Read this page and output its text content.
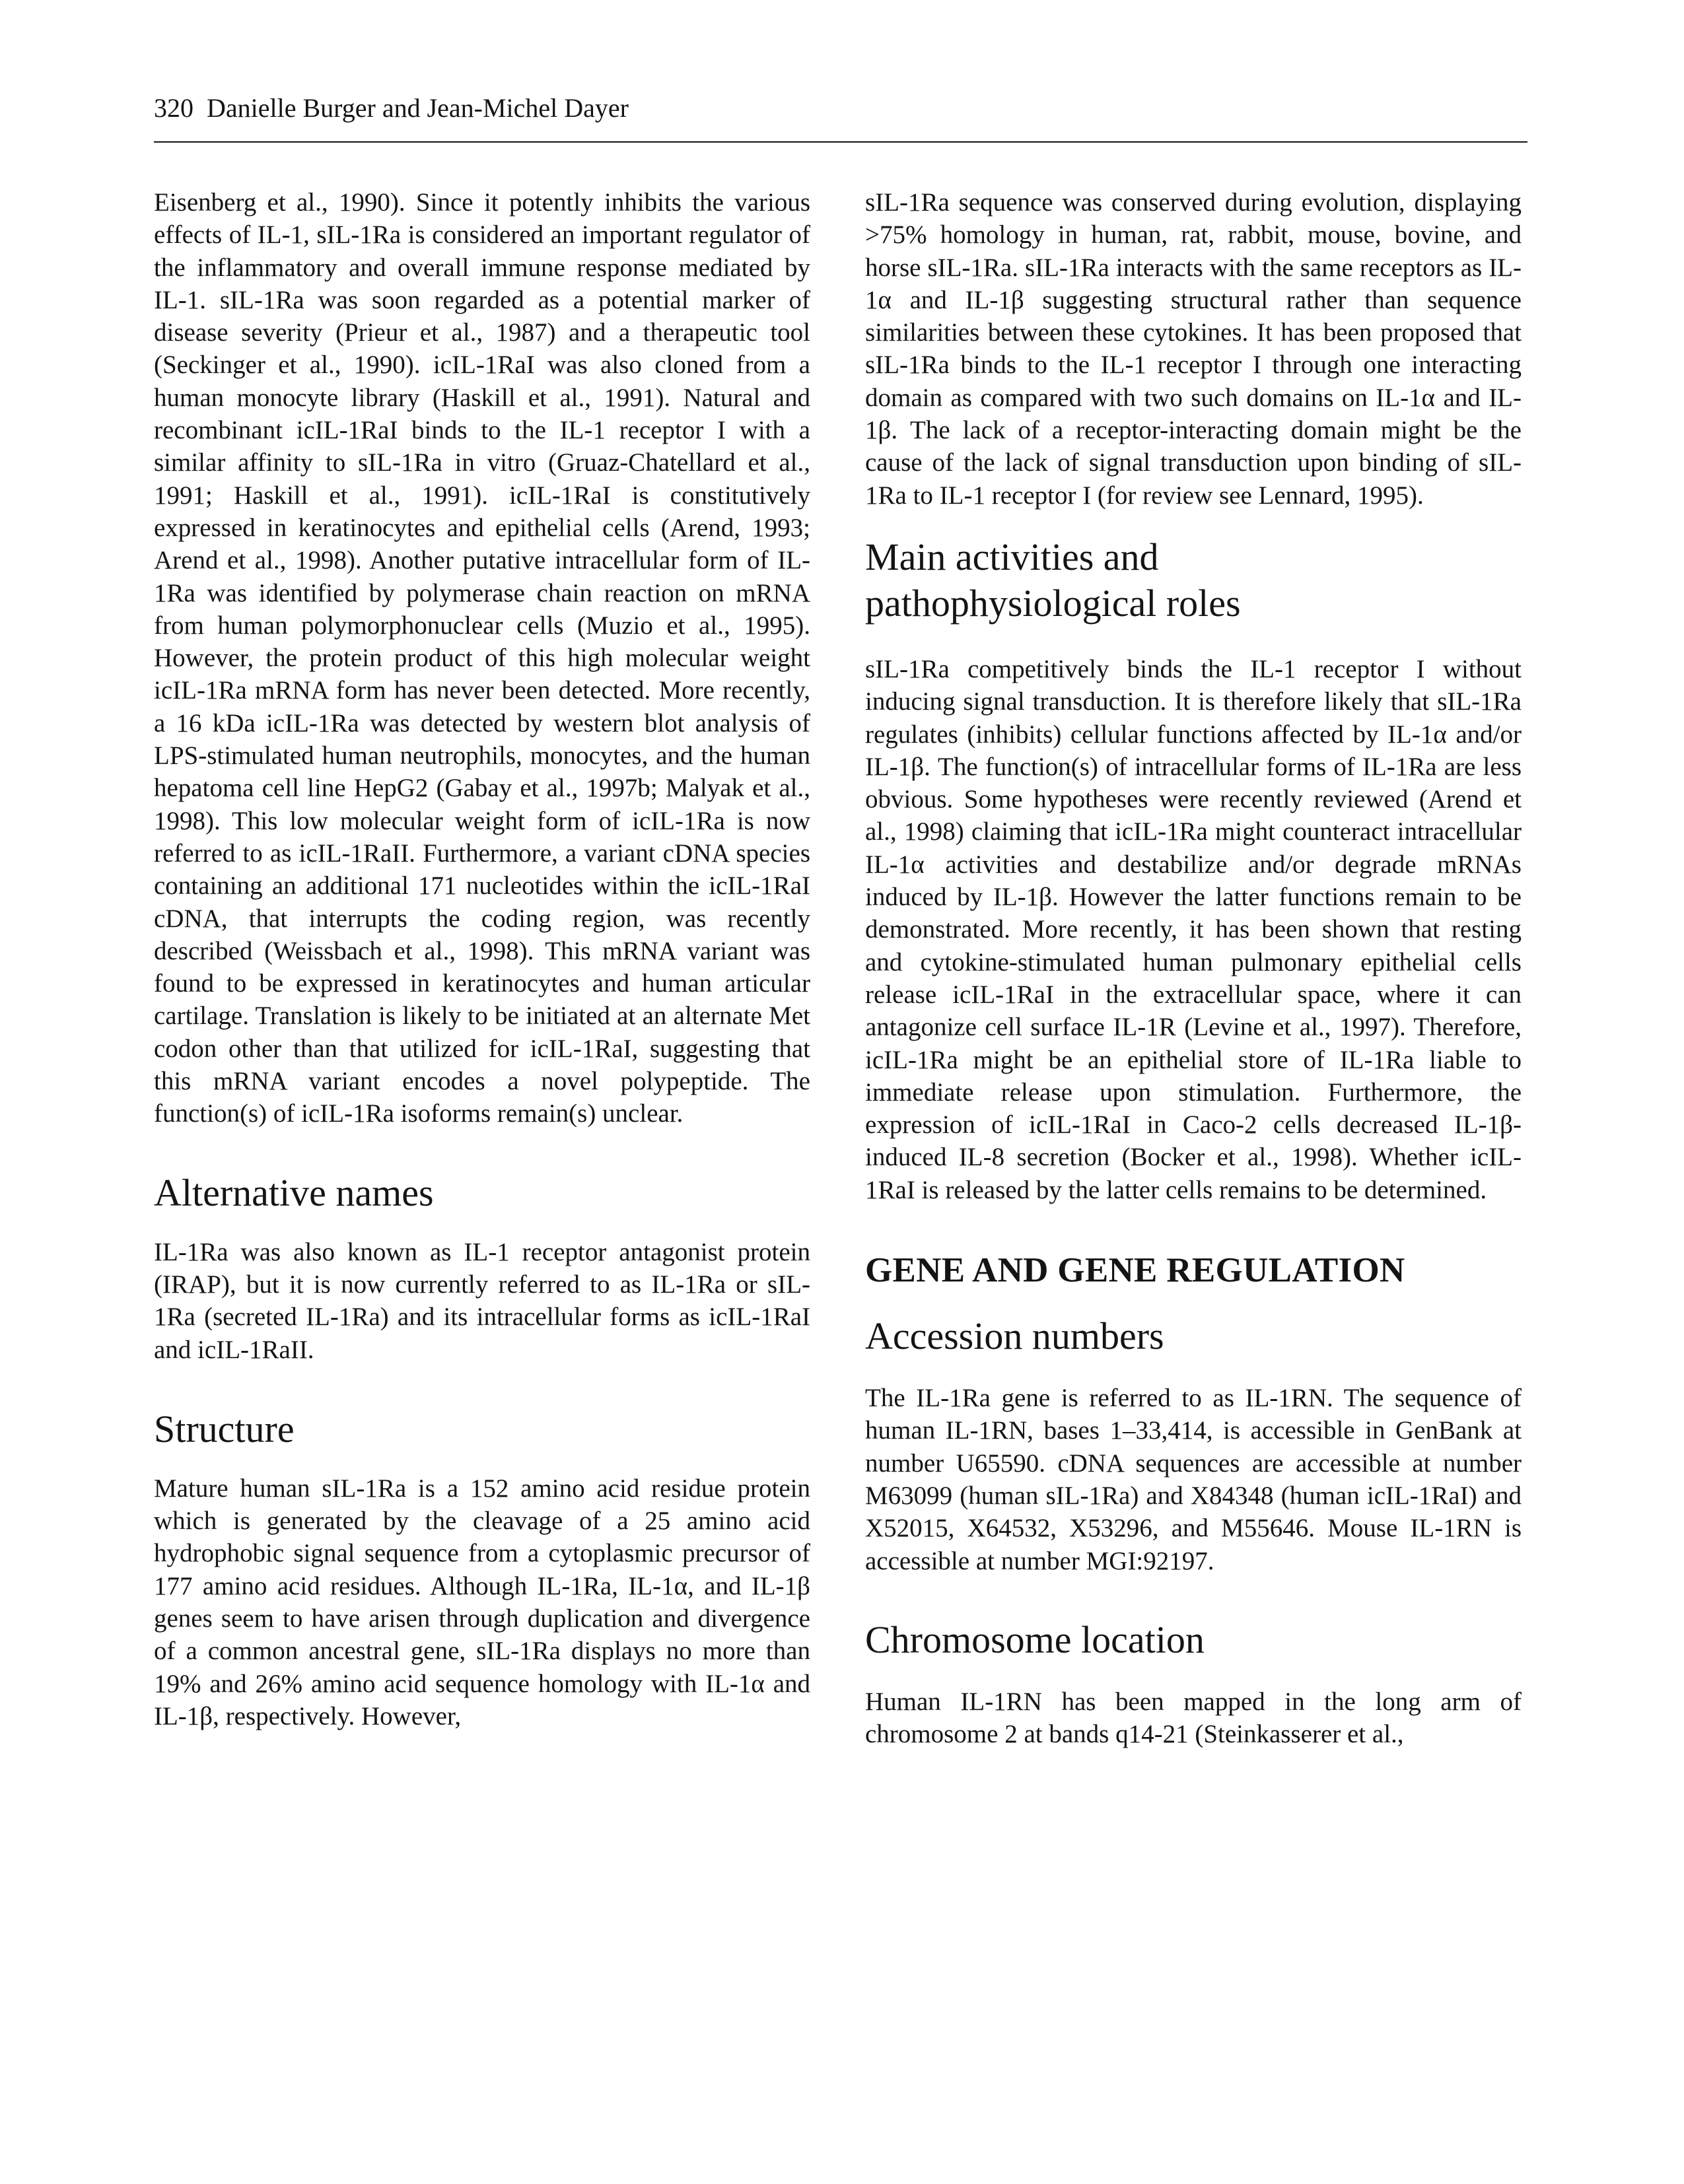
320 Danielle Burger and Jean-Michel Dayer

Eisenberg et al., 1990). Since it potently inhibits the various effects of IL-1, sIL-1Ra is considered an important regulator of the inflammatory and overall immune response mediated by IL-1. sIL-1Ra was soon regarded as a potential marker of disease severity (Prieur et al., 1987) and a therapeutic tool (Seckinger et al., 1990). icIL-1RaI was also cloned from a human monocyte library (Haskill et al., 1991). Natural and recombinant icIL-1RaI binds to the IL-1 receptor I with a similar affinity to sIL-1Ra in vitro (Gruaz-Chatellard et al., 1991; Haskill et al., 1991). icIL-1RaI is constitutively expressed in keratinocytes and epithelial cells (Arend, 1993; Arend et al., 1998). Another putative intracellular form of IL-1Ra was identified by polymerase chain reaction on mRNA from human polymorphonuclear cells (Muzio et al., 1995). However, the protein product of this high molecular weight icIL-1Ra mRNA form has never been detected. More recently, a 16 kDa icIL-1Ra was detected by western blot analysis of LPS-stimulated human neutrophils, monocytes, and the human hepatoma cell line HepG2 (Gabay et al., 1997b; Malyak et al., 1998). This low molecular weight form of icIL-1Ra is now referred to as icIL-1RaII. Furthermore, a variant cDNA species containing an additional 171 nucleotides within the icIL-1RaI cDNA, that interrupts the coding region, was recently described (Weissbach et al., 1998). This mRNA variant was found to be expressed in keratinocytes and human articular cartilage. Translation is likely to be initiated at an alternate Met codon other than that utilized for icIL-1RaI, suggesting that this mRNA variant encodes a novel polypeptide. The function(s) of icIL-1Ra isoforms remain(s) unclear.

Alternative names

IL-1Ra was also known as IL-1 receptor antagonist protein (IRAP), but it is now currently referred to as IL-1Ra or sIL-1Ra (secreted IL-1Ra) and its intracellular forms as icIL-1RaI and icIL-1RaII.

Structure

Mature human sIL-1Ra is a 152 amino acid residue protein which is generated by the cleavage of a 25 amino acid hydrophobic signal sequence from a cytoplasmic precursor of 177 amino acid residues. Although IL-1Ra, IL-1α, and IL-1β genes seem to have arisen through duplication and divergence of a common ancestral gene, sIL-1Ra displays no more than 19% and 26% amino acid sequence homology with IL-1α and IL-1β, respectively. However,

sIL-1Ra sequence was conserved during evolution, displaying >75% homology in human, rat, rabbit, mouse, bovine, and horse sIL-1Ra. sIL-1Ra interacts with the same receptors as IL-1α and IL-1β suggesting structural rather than sequence similarities between these cytokines. It has been proposed that sIL-1Ra binds to the IL-1 receptor I through one interacting domain as compared with two such domains on IL-1α and IL-1β. The lack of a receptor-interacting domain might be the cause of the lack of signal transduction upon binding of sIL-1Ra to IL-1 receptor I (for review see Lennard, 1995).

Main activities and
pathophysiological roles

sIL-1Ra competitively binds the IL-1 receptor I without inducing signal transduction. It is therefore likely that sIL-1Ra regulates (inhibits) cellular functions affected by IL-1α and/or IL-1β. The function(s) of intracellular forms of IL-1Ra are less obvious. Some hypotheses were recently reviewed (Arend et al., 1998) claiming that icIL-1Ra might counteract intracellular IL-1α activities and destabilize and/or degrade mRNAs induced by IL-1β. However the latter functions remain to be demonstrated. More recently, it has been shown that resting and cytokine-stimulated human pulmonary epithelial cells release icIL-1RaI in the extracellular space, where it can antagonize cell surface IL-1R (Levine et al., 1997). Therefore, icIL-1Ra might be an epithelial store of IL-1Ra liable to immediate release upon stimulation. Furthermore, the expression of icIL-1RaI in Caco-2 cells decreased IL-1β-induced IL-8 secretion (Bocker et al., 1998). Whether icIL-1RaI is released by the latter cells remains to be determined.

GENE AND GENE REGULATION
Accession numbers

The IL-1Ra gene is referred to as IL-1RN. The sequence of human IL-1RN, bases 1–33,414, is accessible in GenBank at number U65590. cDNA sequences are accessible at number M63099 (human sIL-1Ra) and X84348 (human icIL-1RaI) and X52015, X64532, X53296, and M55646. Mouse IL-1RN is accessible at number MGI:92197.

Chromosome location

Human IL-1RN has been mapped in the long arm of chromosome 2 at bands q14-21 (Steinkasserer et al.,
